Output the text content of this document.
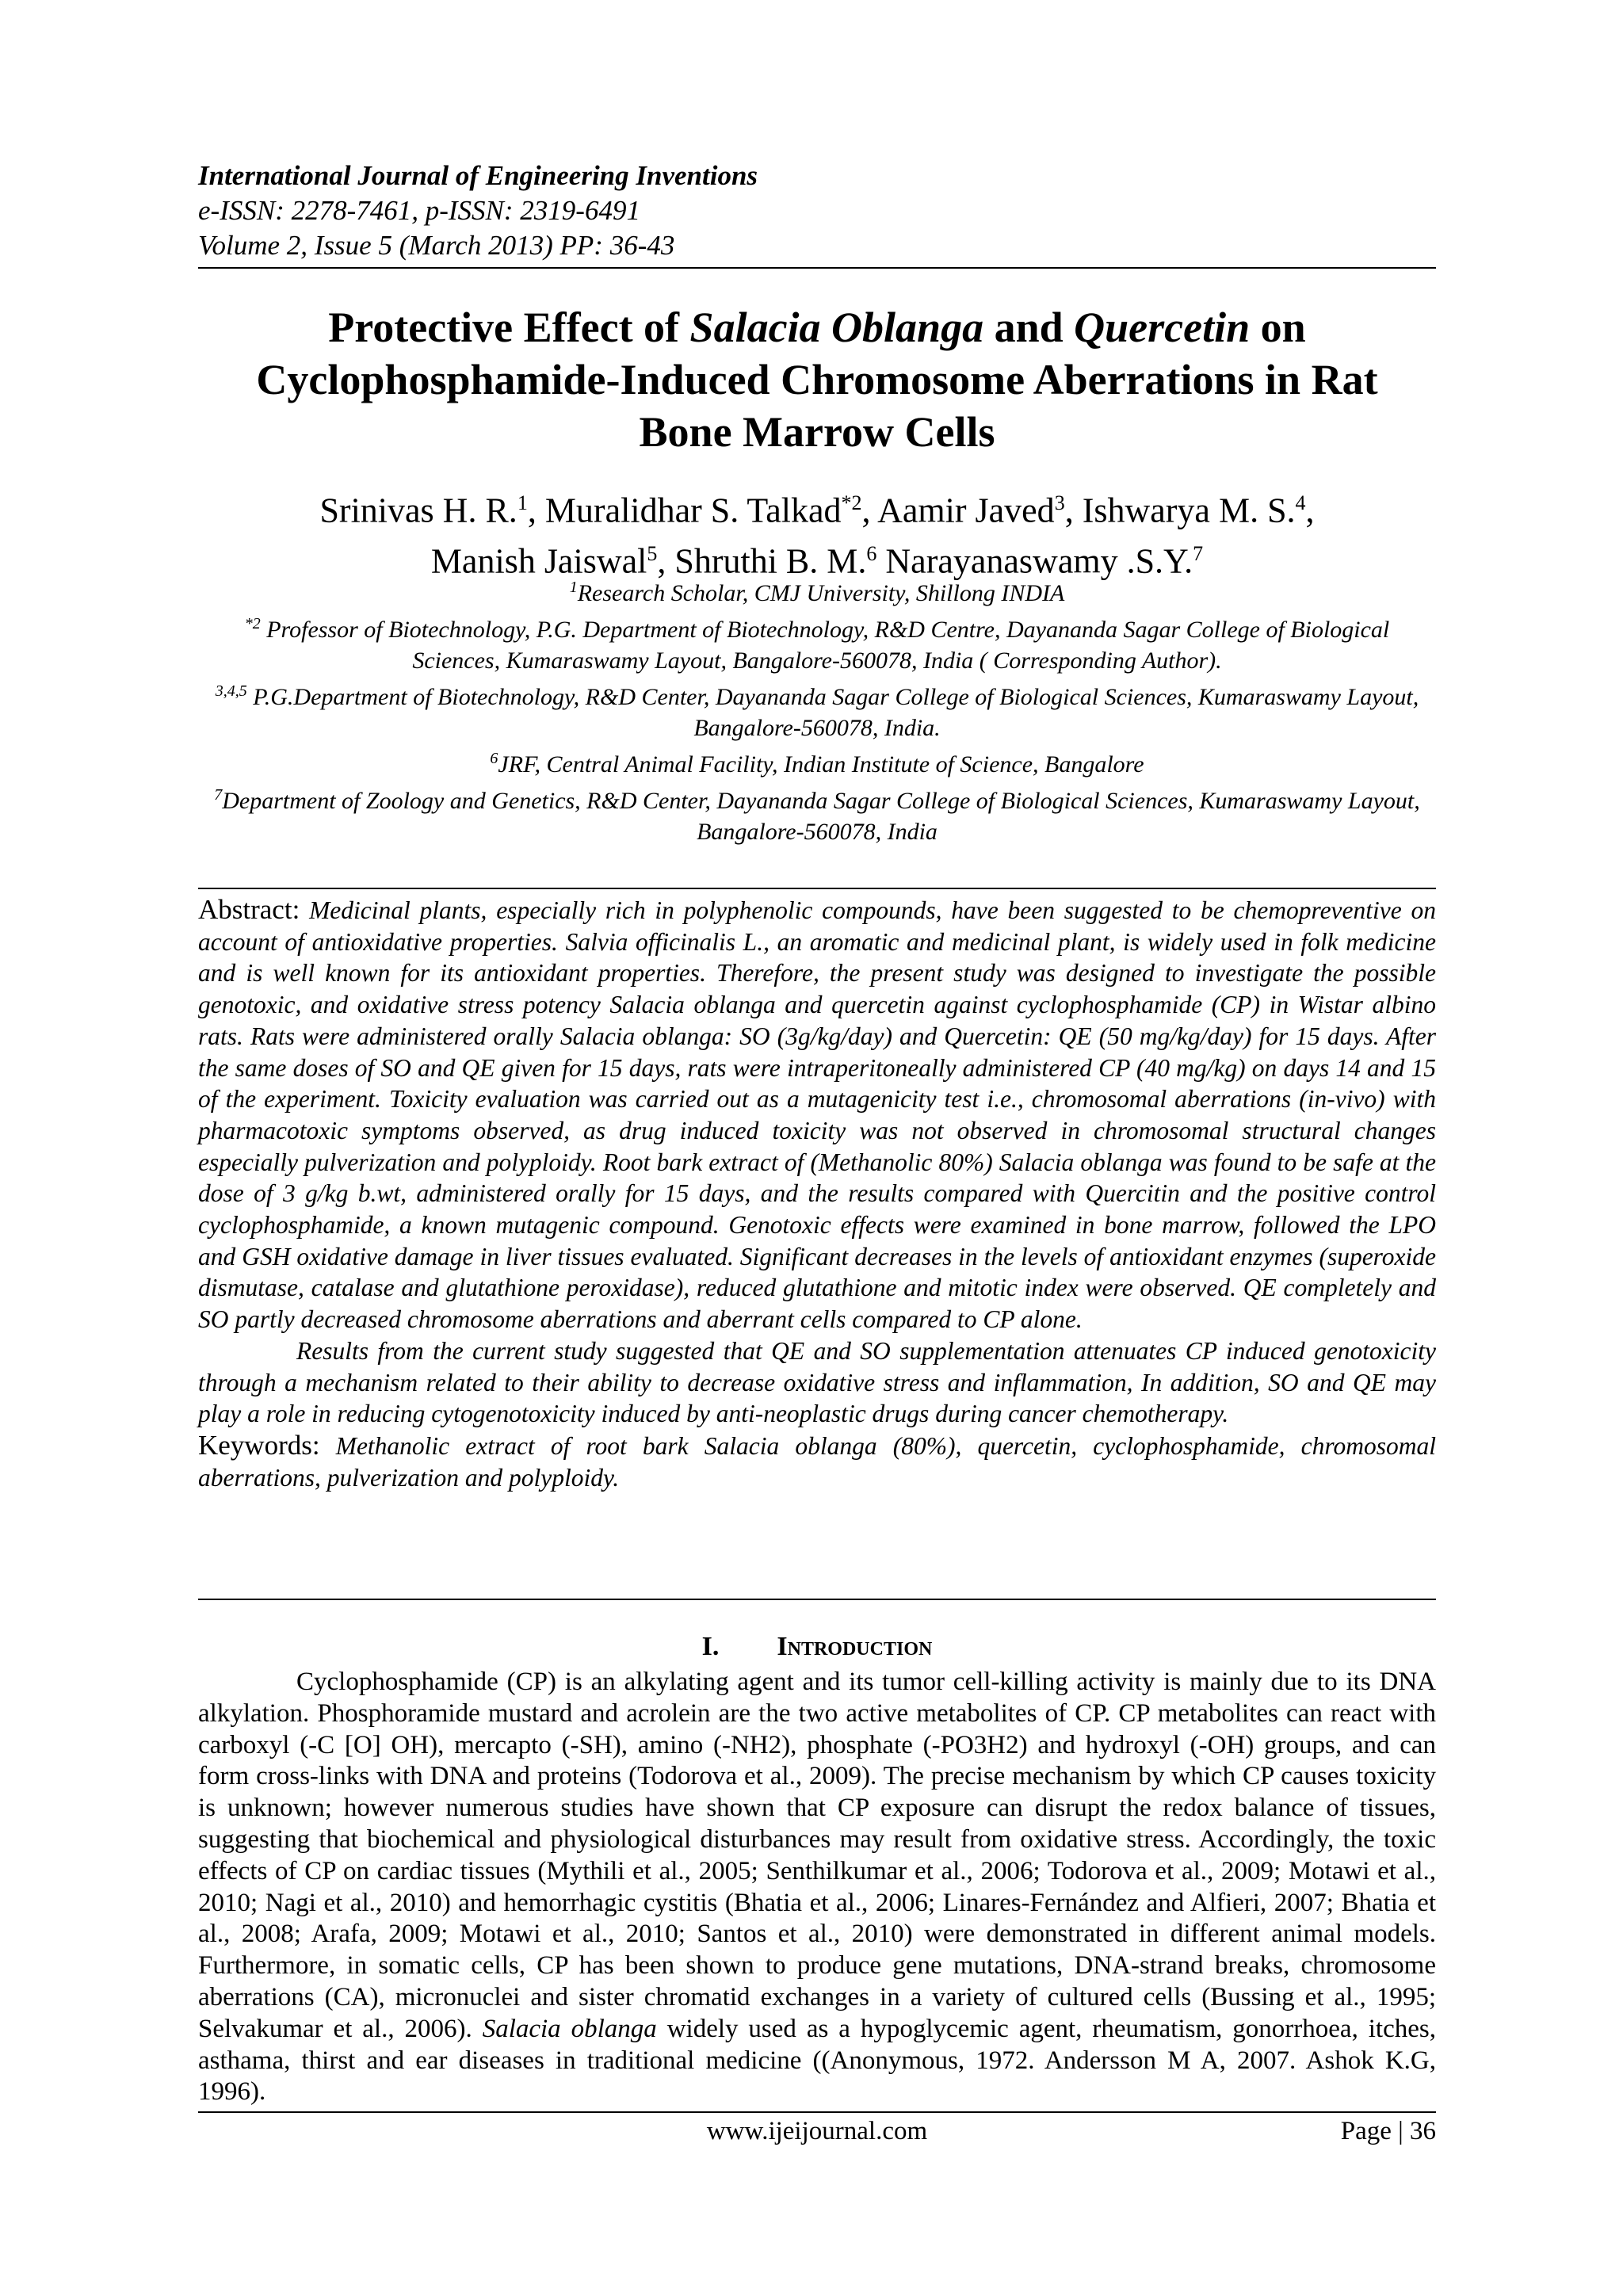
International Journal of Engineering Inventions
e-ISSN: 2278-7461, p-ISSN: 2319-6491
Volume 2, Issue 5 (March 2013) PP: 36-43
Protective Effect of Salacia Oblanga and Quercetin on
Cyclophosphamide-Induced Chromosome Aberrations in Rat
Bone Marrow Cells
Srinivas H. R.$^1$, Muralidhar S. Talkad$^{*2}$, Aamir Javed$^3$, Ishwarya M. S.$^4$,
Manish Jaiswal$^5$, Shruthi B. M.$^6$ Narayanaswamy .S.Y.$^7$
$^1$Research Scholar, CMJ University, Shillong INDIA
$^{*2}$ Professor of Biotechnology, P.G. Department of Biotechnology, R&D Centre, Dayananda Sagar College of Biological Sciences, Kumaraswamy Layout, Bangalore-560078, India ( Corresponding Author).
$^{3,4,5}$ P.G.Department of Biotechnology, R&D Center, Dayananda Sagar College of Biological Sciences, Kumaraswamy Layout, Bangalore-560078, India.
$^6$JRF, Central Animal Facility, Indian Institute of Science, Bangalore
$^7$Department of Zoology and Genetics, R&D Center, Dayananda Sagar College of Biological Sciences, Kumaraswamy Layout, Bangalore-560078, India

Abstract: Medicinal plants, especially rich in polyphenolic compounds, have been suggested to be chemopreventive on account of antioxidative properties. Salvia officinalis L., an aromatic and medicinal plant, is widely used in folk medicine and is well known for its antioxidant properties. Therefore, the present study was designed to investigate the possible genotoxic, and oxidative stress potency Salacia oblanga and quercetin against cyclophosphamide (CP) in Wistar albino rats. Rats were administered orally Salacia oblanga: SO (3g/kg/day) and Quercetin: QE (50 mg/kg/day) for 15 days. After the same doses of SO and QE given for 15 days, rats were intraperitoneally administered CP (40 mg/kg) on days 14 and 15 of the experiment. Toxicity evaluation was carried out as a mutagenicity test i.e., chromosomal aberrations (in-vivo) with pharmacotoxic symptoms observed, as drug induced toxicity was not observed in chromosomal structural changes especially pulverization and polyploidy. Root bark extract of (Methanolic 80%) Salacia oblanga was found to be safe at the dose of 3 g/kg b.wt, administered orally for 15 days, and the results compared with Quercitin and the positive control cyclophosphamide, a known mutagenic compound. Genotoxic effects were examined in bone marrow, followed the LPO and GSH oxidative damage in liver tissues evaluated. Significant decreases in the levels of antioxidant enzymes (superoxide dismutase, catalase and glutathione peroxidase), reduced glutathione and mitotic index were observed. QE completely and SO partly decreased chromosome aberrations and aberrant cells compared to CP alone.

Results from the current study suggested that QE and SO supplementation attenuates CP induced genotoxicity through a mechanism related to their ability to decrease oxidative stress and inflammation, In addition, SO and QE may play a role in reducing cytogenotoxicity induced by anti-neoplastic drugs during cancer chemotherapy.

Keywords: Methanolic extract of root bark Salacia oblanga (80%), quercetin, cyclophosphamide, chromosomal aberrations, pulverization and polyploidy.

I. Introduction

Cyclophosphamide (CP) is an alkylating agent and its tumor cell-killing activity is mainly due to its DNA alkylation. Phosphoramide mustard and acrolein are the two active metabolites of CP. CP metabolites can react with carboxyl (-C [O] OH), mercapto (-SH), amino (-NH2), phosphate (-PO3H2) and hydroxyl (-OH) groups, and can form cross-links with DNA and proteins (Todorova et al., 2009). The precise mechanism by which CP causes toxicity is unknown; however numerous studies have shown that CP exposure can disrupt the redox balance of tissues, suggesting that biochemical and physiological disturbances may result from oxidative stress. Accordingly, the toxic effects of CP on cardiac tissues (Mythili et al., 2005; Senthilkumar et al., 2006; Todorova et al., 2009; Motawi et al., 2010; Nagi et al., 2010) and hemorrhagic cystitis (Bhatia et al., 2006; Linares-Fernández and Alfieri, 2007; Bhatia et al., 2008; Arafa, 2009; Motawi et al., 2010; Santos et al., 2010) were demonstrated in different animal models. Furthermore, in somatic cells, CP has been shown to produce gene mutations, DNA-strand breaks, chromosome aberrations (CA), micronuclei and sister chromatid exchanges in a variety of cultured cells (Bussing et al., 1995; Selvakumar et al., 2006). Salacia oblanga widely used as a hypoglycemic agent, rheumatism, gonorrhoea, itches, asthama, thirst and ear diseases in traditional medicine ((Anonymous, 1972. Andersson M A, 2007. Ashok K.G, 1996).

www.ijeijournal.com	Page | 36
